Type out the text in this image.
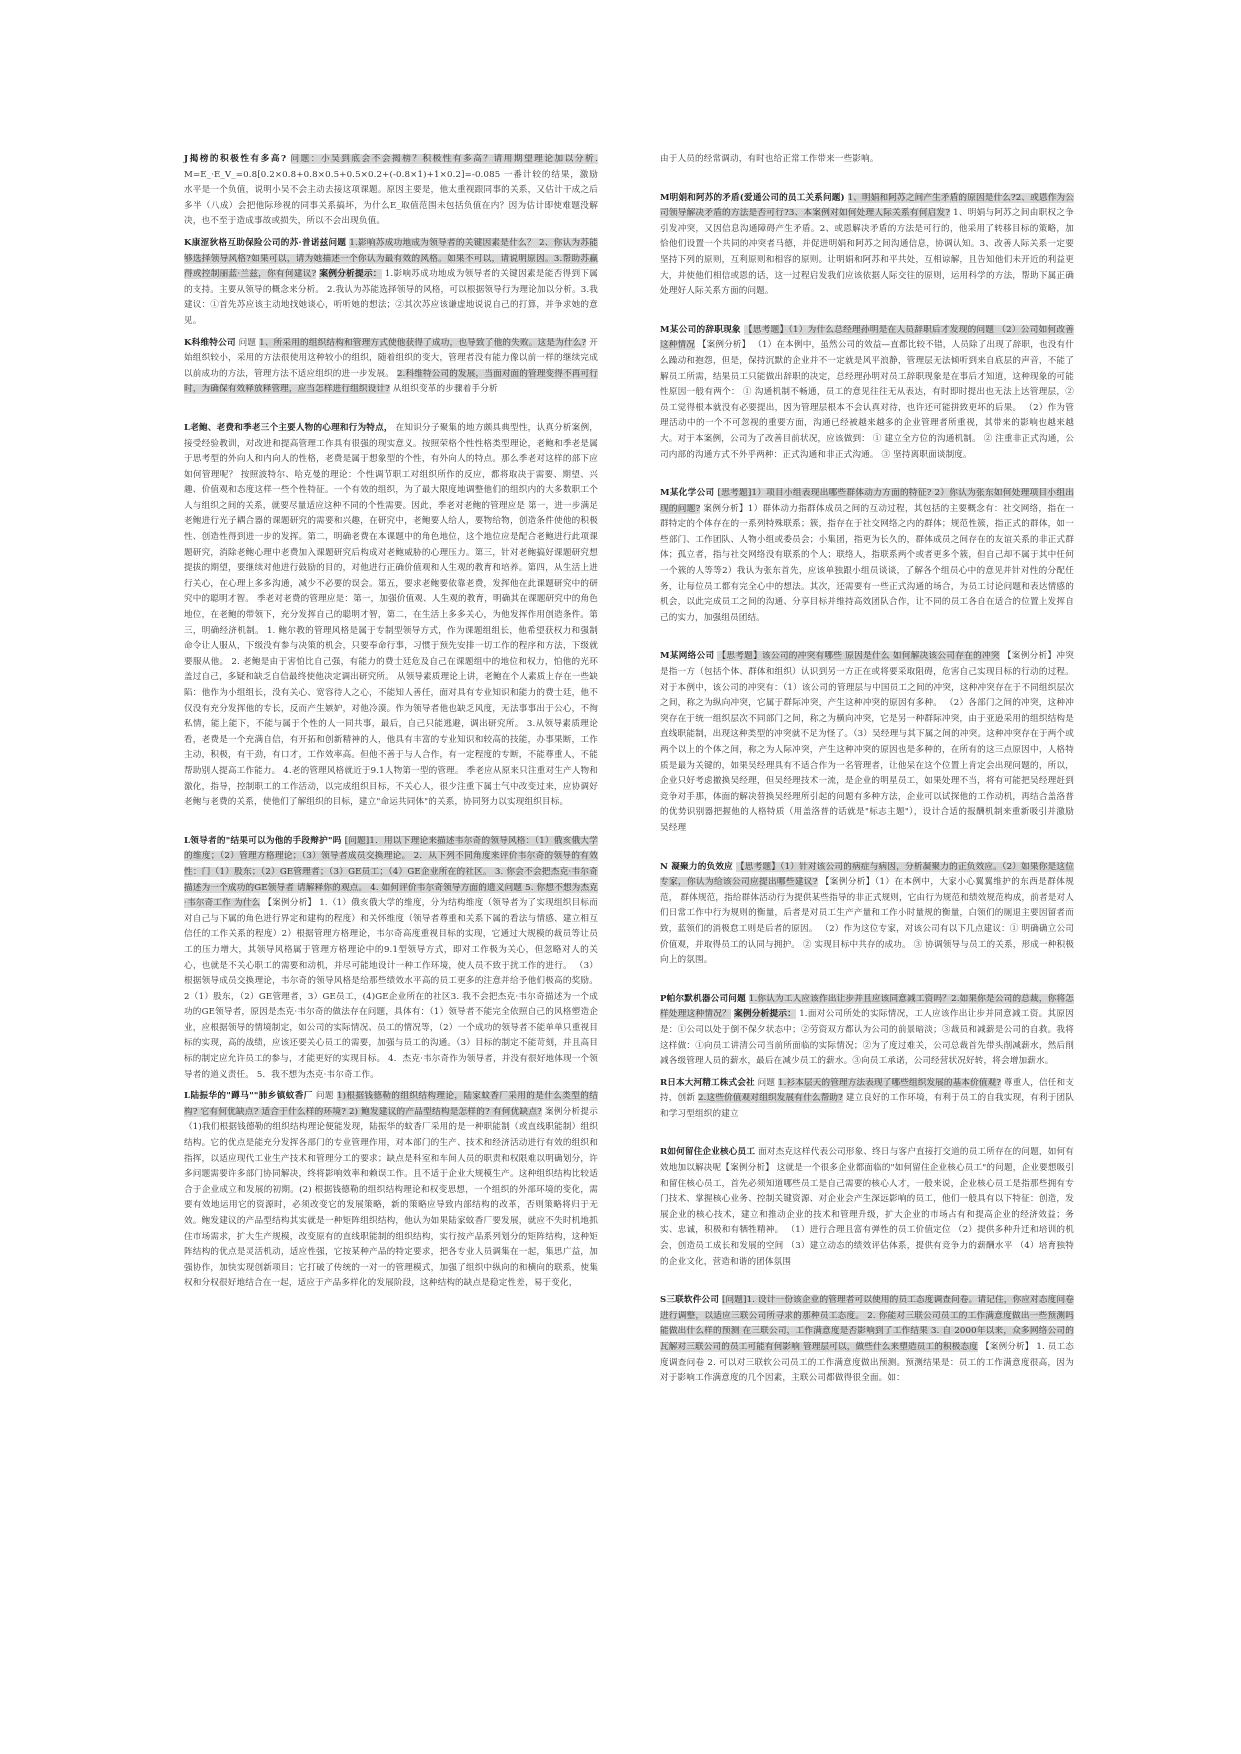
J揭榜的积极性有多高? 问题：小吴到底会不会揭榜？积极性有多高？请用期望理论加以分析. M=E_·E_V_=0.8[0.2×0.8+0.8×0.5+0.5×0.2+(-0.8×1)+1×0.2]=-0.085 一番计较的结果，激励水平是一个负值，说明小吴不会主动去接这项课题。原因主要是，他太重视跟同事的关系，又估计干成之后多半（八成）会把他际珍视的同事关系搞坏，为什么E_取值范围未包括负值在内？因为估计即使难题没解决，也不至于造成事故或损失，所以不会出现负值。

K康涩狄格互助保险公司的苏·普诺兹问题 1.影响苏成功地成为领导者的关键因素是什么？ 2、你认为苏能够选择领导风格?如果可以，请为她描述一个你认为最有效的风格。如果不可以，请说明原因。3.帮助苏赢得或控制丽蓝·兰兹，你有何建议? 案例分析提示： 1.影响苏成功地成为领导者的关键因素是能否得到下属的支持。主要从领导的概念来分析。 2.我认为苏能选择领导的风格，可以根据领导行为理论加以分析。3.我建议：①首先苏应该主动地找她谈心，听听她的想法；②其次苏应该谦虚地说说自己的打算，并争求她的意见。

K科维特公司 问题 1、所采用的组织结构和管理方式使他获得了成功，也导致了他的失败。这是为什么? 开始组织较小，采用的方法很使用这种较小的组织，随着组织的变大，管理者没有能力像以前一样的继续完成以前成功的方法，管理方法不适应组织的进一步发展。 2.科维特公司的发展，当面对面的管理变得不再可行时，为确保有效释放释管理，应当怎样进行组织设计? 从组织变革的步骤着手分析

L老鲍、老费和季老三个主要人物的心理和行为特点， 在知识分子聚集的地方颇具典型性，认真分析案例，接受经验教训，对改进和提高管理工作具有很强的现实意义。按照荣格个性性格类型理论，老鲍和季老是属于思考型的外向人和内向人的性格，老费是属于想象型的个性，有外向人的特点。那么季老对这样的部下应如何管理呢？ 按照波特尔、哈克曼的理论：个性调节职工对组织所作的反应，都将取决于需要、期望、兴趣、价值观和态度这样一些个性特征。一个有效的组织，为了最大限度地调整他们的组织内的大多数职工个人与组织之间的关系，就要尽量适应这种不同的个性需要。因此，季老对老鲍的管理应是 第一，进一步满足老鲍进行光子耦合器的课题研究的需要和兴趣，在研究中，老鲍要人给人，要物给物，创造条件使他的积极性、创造性得到进一步的发挥。第二，明确老费在本课题中的角色地位，这个地位应是配合老鲍进行此项课题研究，消除老鲍心理中老费加入课题研究后构成对老鲍威胁的心理压力。第三，针对老鲍搞好课题研究想提拔的期望，要继续对他进行鼓励的目的，对他进行正确价值观和人生观的教育和培养。第四，从生活上进行关心，在心理上多多沟通，减少不必要的误会。第五，要求老鲍要依靠老费，发挥他在此课题研究中的研究中的聪明才智。 季老对老费的管理应是：第一，加强价值观、人生观的教育，明确其在课题研究中的角色地位，在老鲍的带领下，充分发挥自己的聪明才智，第二，在生活上多多关心，为他发挥作用创造条件。第三，明确经济机制。 1. 鲍尔教的管理风格是属于专制型领导方式，作为课题组组长，他希望获权力和强制命令让人服从，下级没有参与决策的机会，只要奉命行事，习惯于预先安排一切工作的程序和方法，下级就要服从他。 2. 老鲍是由于害怕比自己强，有能力的费士廷危及自己在课题组中的地位和权力，怕他的光环盖过自己，多疑和缺乏自信最终使他决定调出研究所。 从领导素质理论上讲，老鲍在个人素质上存在一些缺陷：他作为小组组长，没有关心、宽容待人之心，不能知人善任，面对具有专业知识和能力的费士廷，他不仅没有充分发挥他的专长，反而产生嫉妒，对他冷漠。作为领导者他也缺乏风度，无法事事出于公心，不徇私情，能上能下，不能与属于个性的人一同共事，最后，自己只能逃避，调出研究所。 3.从领导素质理论看，老费是一个充满自信，有开拓和创新精神的人，他具有丰富的专业知识和较高的技能，办事果断，工作主动，积极，有干劲，有口才，工作效率高。但他不善于与人合作，有一定程度的专断，不能尊重人，不能帮助别人提高工作能力。 4.老的管理风格就近于9.1人物第一型的管理。 季老应从原来只注重对生产人物和激化，指导，控制职工的工作活动，以完成组织目标，不关心人，很少注重下属士气中改变过来，应协调好老鲍与老费的关系，使他们了解组织的目标，建立"命运共同体"的关系，协同努力以实现组织目标。

L领导者的"结果可以为他的手段辩护"吗 [问题]1．用以下理论来描述韦尔奇的领导风格：（1）俄亥俄大学的维度；（2）管理方格理论；（3）领导者成员交换理论。 2．从下列不同角度来评价韦尔奇的领导的有效性：门（1）股东；（2）GE管理者；（3）GE员工；（4）GE企业所在的社区。 3. 你会不会把杰克·韦尔奇描述为一个成功的GE领导者 请解释你的观点。 4. 如何评价韦尔奇领导方面的遗义问题 5. 你想不想为杰克·韦尔奇工作 为什么 【案例分析】 1.（1）俄亥俄大学的维度，分为结构维度（领导者为了实现组织目标而对自己与下属的角色进行界定和建构的程度）和关怀维度（领导者尊重和关系下属的看法与情感、建立相互信任的工作关系的程度）2）根据管理方格理论，韦尔奇高度重视目标的实现，它通过大规模的裁员等让员工的压力增大，其领导风格属于管理方格理论中的9.1型领导方式，即对工作极为关心，但忽略对人的关心，也就是不关心职工的需要和动机，并尽可能地设计一种工作环境，使人员不致于扰工作的进行。 （3）根据领导成员交换理论，韦尔奇的领导风格是给那些绩效水平高的员工更多的注意并给予他们极高的奖励。 2（1）股东，（2）GE管理者，3）GE员工，(4)GE企业所在的社区3. 我不会把杰克·韦尔奇描述为一个成功的GE领导者，原因是杰克·韦尔奇的做法存在问题，具体有：（1）领导者不能完全依照自己的风格塑造企业，应根据领导的情境制定，如公司的实际情况、员工的情况等，（2）一个成功的领导者不能单单只重视目标的实现，高的战绩，应该还要关心员工的需要，加强与员工的沟通。（3）目标的制定不能苛刻，并且高目标的制定应允许员工的参与，才能更好的实现目标。 4．杰克·韦尔奇作为领导者，并没有很好地体现一个领导者的道义责任。 5．我不想为杰克·韦尔奇工作。

L陆振华的"蹲马""肺乡镇蚊香厂 问题 1)根据钱德勒的组织结构理论，陆家蚊香厂采用的是什么类型的结构? 它有何优缺点? 适合于什么样的环境? 2) 鲍发建议的产品型结构是怎样的? 有何优缺点? 案例分析提示（1)我们根据钱德勒的组织结构理论便能发现，陆振华的蚊香厂采用的是一种职能制（或直线职能制）组织结构。它的优点是能充分发挥各部门的专业管理作用，对本部门的生产、技术和经济活动进行有效的组织和指挥，以适应现代工业生产技术和管理分工的要求；缺点是科室和车间人员的职责和权限难以明确划分，许多问题需要许多部门协同解决，终将影响效率和赖误工作。且不适于企业大规模生产。这种组织结构比较适合于企业成立和发展的初期。(2) 根据钱德勒的组织结构理论和权变思想，一个组织的外部环境的变化，需要有效地运用它的资源时，必须改变它的发展策略，新的策略应导致内部结构的改革，否则策略将归于无效。鲍发建议的产品型结构其实就是一种矩阵组织结构，他认为如果陆家蚊香厂要发展，就应不失时机地抓住市场需求，扩大生产规模，改变原有的直线职能制的组织结构，实行按产品系列划分的矩阵结构，这种矩阵结构的优点是灵活机动，适应性强，它按某种产品的特定要求，把各专业人员调集在一起，集思广益，加强协作，加快实现创新项目；它打破了传统的一对一的管理模式，加强了组织中纵向的和横向的联系，使集权和分权很好地结合在一起，适应于产品多样化的发展阶段，这种结构的缺点是稳定性差，易于变化，

由于人员的经常调动，有时也给正常工作带来一些影响。

M明娟和阿苏的矛盾(爱通公司的员工关系问题) 1、明娟和阿苏之间产生矛盾的原因是什么?2、或恩作为公司领导解决矛盾的方法是否可行?3、本案例对如何处理人际关系有何启发? 1、明娟与阿苏之间由职权之争引发冲突，又因信息沟通障碍产生矛盾。2、或恩解决矛盾的方法是可行的，他采用了转移目标的策略，加恰他们设置一个共同的冲突者马德，并促进明娟和阿苏之间沟通信息，协调认知。3、改善人际关系一定要坚持下列的原则，互利原则和相容的原则。让明娟和阿苏和平共处，互相谅解，且告知他们未开近的利益更大，并使他们相信或恩的话，这一过程启发我们应该依据人际交往的原则，运用科学的方法，帮助下属正确处理好人际关系方面的问题。

M某公司的辞职现象 【思考题】（1）为什么总经理孙明是在人员辞职后才发现的问题 （2）公司如何改善这种情况 【案例分析】 （1）在本例中，虽然公司的效益—直都比较不错，人员除了出现了辞职，也没有什么躁动和抱怨，但是，保持沉默的企业并不一定就是风平浪静，管理层无法倾听到来自底层的声音，不能了解员工所需，结果员工只能做出辞职的决定，总经理孙明对员工辞职现象是在事后才知道，这种现象的可能性原因一般有两个： ① 沟通机制不畅通，员工的意见往往无从表达，有时即时提出也无法上达管理层，② 员工觉得根本就没有必要提出，因为管理层根本不会认真对待，也许还可能拼致更坏的后果。 （2）作为管理活动中的一个不可忽视的重要方面，沟通已经被越来越多的企业管理者所重视，其带来的影响也越来越大。对于本案例，公司为了改善目前状况，应该做到： ① 建立全方位的沟通机制。 ② 注重非正式沟通，公司内部的沟通方式不外乎两种：正式沟通和非正式沟通。 ③ 坚持离职面谈制度。

M某化学公司 [思考题]1）项目小组表现出哪些群体动力方面的特征? 2）你认为张东如何处理项目小组出现的问题? 案例分析】1）群体动力指群体成员之间的互动过程，其包括的主要概念有：社交网络，指在一群特定的个体存在的一系列特殊联系；簇，指存在于社交网络之内的群体；规范性簇，指正式的群体，如一些部门、工作团队、人物小组或委员会；小集团，指更为长久的，群体成员之间存在的友谊关系的非正式群体；孤立者，指与社交网络没有联系的个人；联络人，指联系两个或者更多个簇，但自己却不属于其中任何一个簇的人等等2）我认为张东首先，应该单独跟小组员谈谈，了解各个组员心中的意见并针对性的分配任务，让每位员工都有完全心中的想法。其次，还需要有一些正式沟通的场合，为员工讨论问题和表达情感的机会，以此完成员工之间的沟通、分享目标并维持高效团队合作，让不同的员工各自在适合的位置上发挥自己的实力，加强组员团结。

M某网络公司 【思考题】该公司的冲突有哪些 原因是什么 如何解决该公司存在的冲突 【案例分析】冲突是指一方（包括个体、群体和组织）认识到另一方正在或将要采取阻碍，危害自己实现目标的行动的过程。对于本例中，该公司的冲突有：（1）该公司的管理层与中国员工之间的冲突，这种冲突存在于不同组织层次之间，称之为纵向冲突，它属于群际冲突，产生这种冲突的原因有多种。 （2）各部门之间的冲突，这种冲突存在于统一组织层次不同部门之间，称之为横向冲突，它是另一种群际冲突，由于亚逊采用的组织结构是直线职能制，出现这种类型的冲突就不足为怪了。（3）吴经理与其下属之间的冲突。这种冲突存在于两个或两个以上的个体之间，称之为人际冲突，产生这种冲突的原因也是多种的，在所有的这三点原因中，人格特质是最为关键的，如果吴经理具有不适合作为一名管理者，让他呆在这个位置上肯定会出现问题的，所以，企业只好考虑撤换吴经理，但吴经理技术一流，是企业的明星员工，如果处理不当，将有可能把吴经理赶到竞争对手那，体面的解决替换吴经理所引起的问题有多种方法，企业可以试探他的工作动机，再结合盖洛普的优势识别器把握他的人格特质（用盖洛普的话就是"标志主题"），设计合适的报酬机制来重新吸引并激励吴经理

N 凝聚力的负效应 【思考题】（1）针对该公司的病症与病因，分析凝聚力的正负效应。（2）如果你是这位专家，你认为给该公司应提出哪些建议? 【案例分析】（1）在本例中，大家小心翼翼维护的东西是群体规范， 群体规范，指给群体活动行为提供某些指导的非正式规则，它由行为规范和绩效规范构成，前者是对人们日常工作中行为规则的衡量，后者是对员工生产产量和工作小时量规的衡量，白领们的厕退主要因留者而致，蓝领们的消极怠工则是后者的原因。 （2）作为这位专家，对该公司有以下几点建议：① 明确确立公司价值观，并取得员工的认同与拥护。 ② 实现目标中共存的成功。 ③ 协调领导与员工的关系，形成一种积极向上的氛围。

P帕尔默机器公司问题 1.你认为工人应该作出让步并且应该同意减工资吗？2.如果你是公司的总裁，你将怎样处理这种情况？ 案例分析提示： 1.面对公司所处的实际情况，工人应该作出让步并同意减工资。其原因是：①公司以处于倒不保夕状态中；②劳资双方都认为公司的前景暗淡；③裁员和减薪是公司的自救。我将这样做：①向员工讲清公司当前所面临的实际情况；②为了度过难关，公司总裁首先带头削减薪水，然后削减各级管理人员的薪水，最后在减少员工的薪水。③向员工承诺，公司经营状况好转，将会增加薪水。

R日本大河精工株式会社 问题 1.衫本层天的管理方法表现了哪些组织发展的基本价值观? 尊重人，信任和支持，创新 2.这些价值观对组织发展有什么帮助? 建立良好的工作环境，有利于员工的自我实现，有利于团队和学习型组织的建立

R如何留住企业核心员工 面对杰克这样代表公司形象、终日与客户直接打交道的员工所存在的问题，如何有效地加以解决呢【案例分析】 这就是一个很多企业都面临的"如何留住企业核心员工"的问题，企业要想吸引和留住核心员工，首先必须知道哪些员工是自己需要的核心人才，一般来说，企业核心员工是指那些拥有专门技术、掌握核心业务、控制关键资源、对企业会产生深远影响的员工，他们一般具有以下特征：创造，发展企业的核心技术，建立和推动企业的技术和管理升级，扩大企业的市场占有和提高企业的经济效益；务实、忠诚，积极和有牺牲精神。 （1）进行合理且富有弹性的员工价值定位 （2）提供多种升迁和培训的机会，创造员工成长和发展的空间 （3）建立动态的绩效评估体系，提供有竞争力的薪酬水平 （4）培育独特的企业文化，营造和谐的团体氛围

S三联软件公司 [问题]1. 设计一份该企业的管理者可以使用的员工态度调查问卷。请记住，你应对态度问卷进行调整，以适应三联公司所寻求的那种员工态度。 2. 你能对三联公司员工的工作满意度做出一些预测吗 能做出什么样的预测 在三联公司，工作满意度是否影响到了工作结果 3. 自 2000年以来，众多网络公司的瓦解对三联公司的员工可能有何影响 管理层可以，做些什么来塑造员工的积极态度 【案例分析】 1. 员工态度调查问卷 2. 可以对三联软公司员工的工作满意度做出预测。预测结果是：员工的工作满意度很高，因为对于影响工作满意度的几个因素，主联公司都做得很全面。如：
